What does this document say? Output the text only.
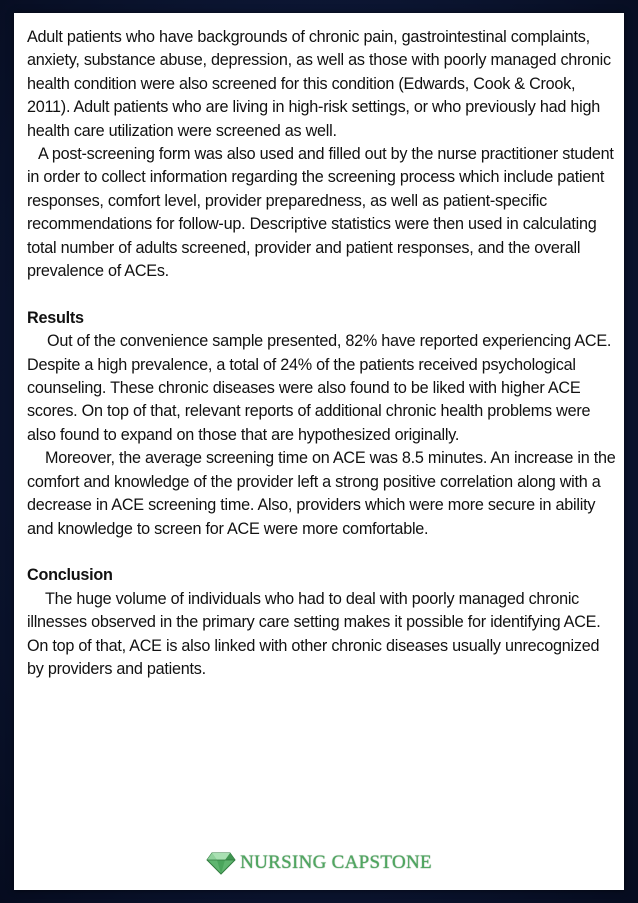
Adult patients who have backgrounds of chronic pain, gastrointestinal complaints, anxiety, substance abuse, depression, as well as those with poorly managed chronic health condition were also screened for this condition (Edwards, Cook & Crook, 2011). Adult patients who are living in high-risk settings, or who previously had high health care utilization were screened as well.

A post-screening form was also used and filled out by the nurse practitioner student in order to collect information regarding the screening process which include patient responses, comfort level, provider preparedness, as well as patient-specific recommendations for follow-up. Descriptive statistics were then used in calculating total number of adults screened, provider and patient responses, and the overall prevalence of ACEs.

Results

Out of the convenience sample presented, 82% have reported experiencing ACE. Despite a high prevalence, a total of 24% of the patients received psychological counseling. These chronic diseases were also found to be liked with higher ACE scores. On top of that, relevant reports of additional chronic health problems were also found to expand on those that are hypothesized originally.

Moreover, the average screening time on ACE was 8.5 minutes. An increase in the comfort and knowledge of the provider left a strong positive correlation along with a decrease in ACE screening time. Also, providers which were more secure in ability and knowledge to screen for ACE were more comfortable.

Conclusion

The huge volume of individuals who had to deal with poorly managed chronic illnesses observed in the primary care setting makes it possible for identifying ACE. On top of that, ACE is also linked with other chronic diseases usually unrecognized by providers and patients.

NURSING CAPSTONE
